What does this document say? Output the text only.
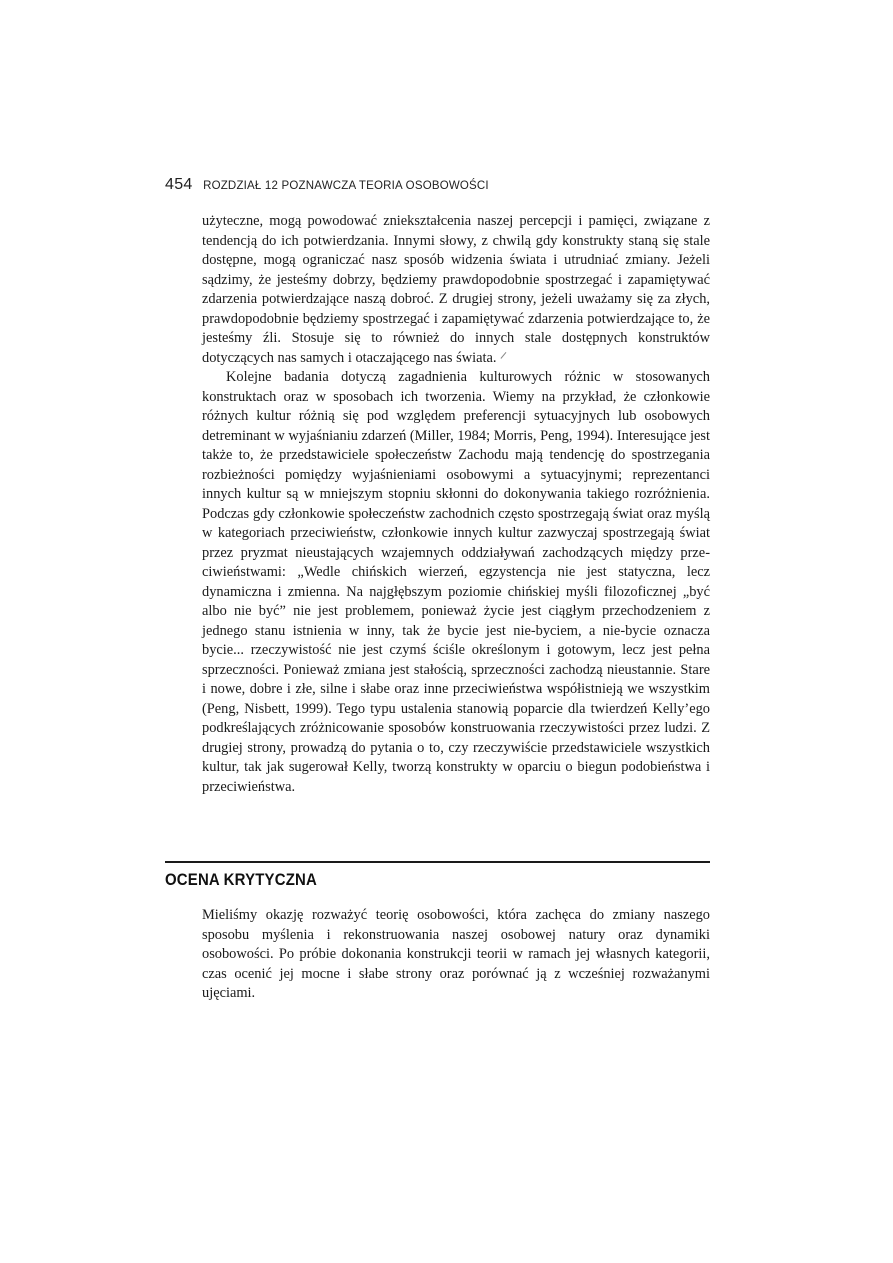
454 ROZDZIAŁ 12 POZNAWCZA TEORIA OSOBOWOŚCI

użyteczne, mogą powodować zniekształcenia naszej percepcji i pamięci, związane z tendencją do ich potwierdzania. Innymi słowy, z chwilą gdy konstrukty staną się stale dostępne, mogą ograniczać nasz sposób widzenia świata i utrudniać zmiany. Jeżeli sądzimy, że jesteśmy dobrzy, będziemy prawdopodobnie spostrzegać i zapamiętywać zdarzenia potwierdzające naszą dobroć. Z drugiej strony, jeżeli uważamy się za złych, prawdopodobnie będziemy spostrzegać i zapamiętywać zdarzenia potwierdzające to, że jesteśmy źli. Stosuje się to również do innych stale dostępnych konstruktów dotyczących nas samych i otaczającego nas świata.

Kolejne badania dotyczą zagadnienia kulturowych różnic w stosowanych konstruktach oraz w sposobach ich tworzenia. Wiemy na przykład, że członkowie różnych kultur różnią się pod względem preferencji sytuacyjnych lub osobowych detreminant w wyjaśnianiu zdarzeń (Miller, 1984; Morris, Peng, 1994). Interesujące jest także to, że przedstawiciele społeczeństw Zachodu mają tendencję do spostrzegania rozbieżności pomiędzy wyjaśnieniami osobowymi a sytuacyjnymi; reprezentanci innych kultur są w mniejszym stopniu skłonni do dokonywania takiego rozróżnienia. Podczas gdy członkowie społeczeństw zachodnich często spostrzegają świat oraz myślą w kategoriach przeciwieństw, członkowie innych kultur zazwyczaj spostrzegają świat przez pryzmat nieustających wzajemnych oddziaływań zachodzących między przeciwieństwami: „Wedle chińskich wierzeń, egzystencja nie jest statyczna, lecz dynamiczna i zmienna. Na najgłębszym poziomie chińskiej myśli filozoficznej „być albo nie być” nie jest problemem, ponieważ życie jest ciągłym przechodzeniem z jednego stanu istnienia w inny, tak że bycie jest nie-byciem, a nie-bycie oznacza bycie... rzeczywistość nie jest czymś ściśle określonym i gotowym, lecz jest pełna sprzeczności. Ponieważ zmiana jest stałością, sprzeczności zachodzą nieustannie. Stare i nowe, dobre i złe, silne i słabe oraz inne przeciwieństwa współistnieją we wszystkim (Peng, Nisbett, 1999). Tego typu ustalenia stanowią poparcie dla twierdzeń Kelly’ego podkreślających zróżnicowanie sposobów konstruowania rzeczywistości przez ludzi. Z drugiej strony, prowadzą do pytania o to, czy rzeczywiście przedstawiciele wszystkich kultur, tak jak sugerował Kelly, tworzą konstrukty w oparciu o biegun podobieństwa i przeciwieństwa.

OCENA KRYTYCZNA

Mieliśmy okazję rozważyć teorię osobowości, która zachęca do zmiany naszego sposobu myślenia i rekonstruowania naszej osobowej natury oraz dynamiki osobowości. Po próbie dokonania konstrukcji teorii w ramach jej własnych kategorii, czas ocenić jej mocne i słabe strony oraz porównać ją z wcześniej rozważanymi ujęciami.
